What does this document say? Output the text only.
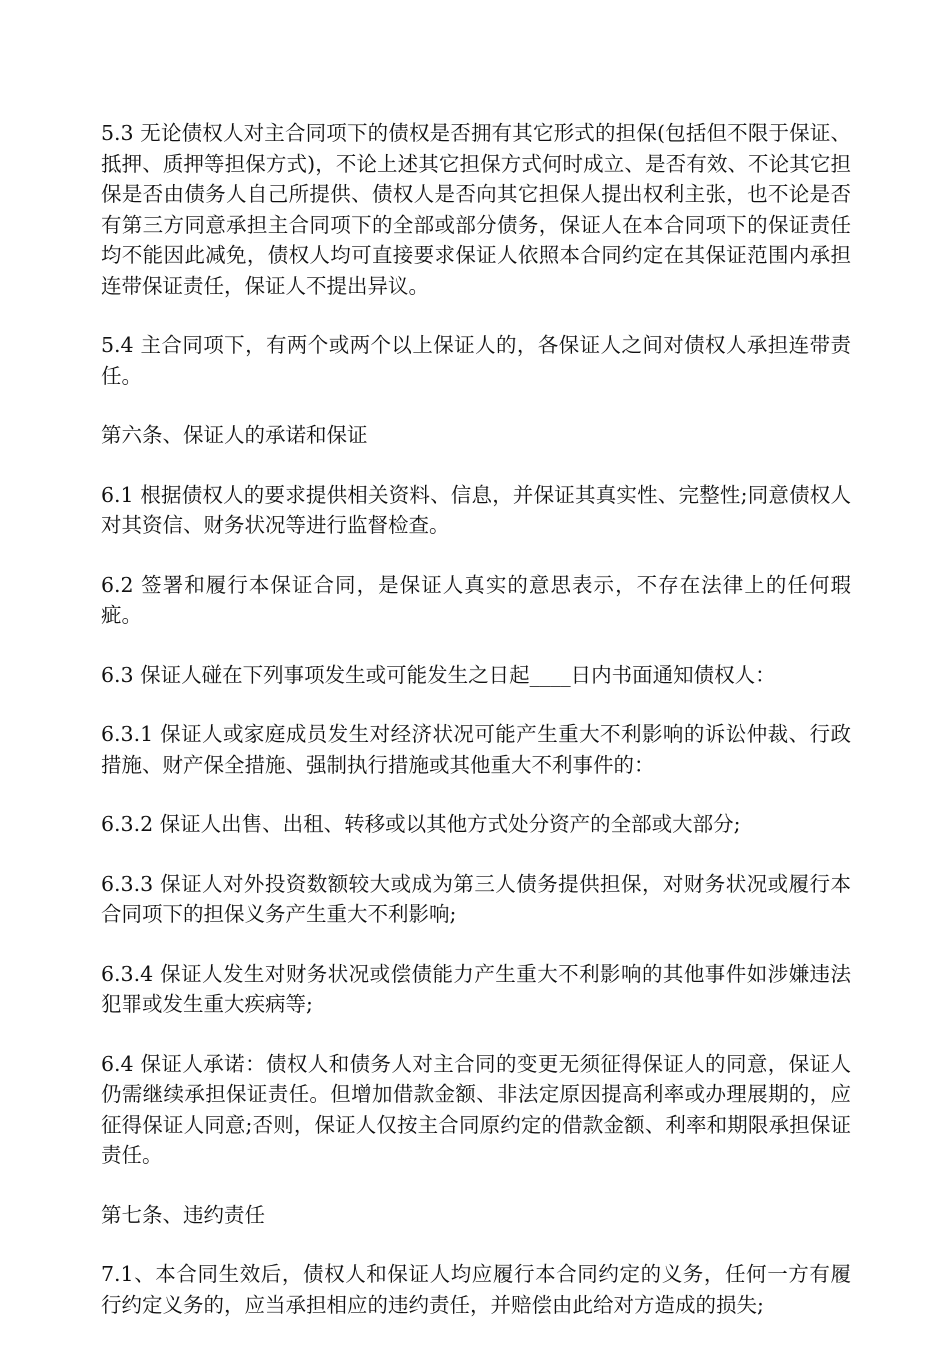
5.3 无论债权人对主合同项下的债权是否拥有其它形式的担保(包括但不限于保证、抵押、质押等担保方式)，不论上述其它担保方式何时成立、是否有效、不论其它担保是否由债务人自己所提供、债权人是否向其它担保人提出权利主张，也不论是否有第三方同意承担主合同项下的全部或部分债务，保证人在本合同项下的保证责任均不能因此减免，债权人均可直接要求保证人依照本合同约定在其保证范围内承担连带保证责任，保证人不提出异议。

5.4 主合同项下，有两个或两个以上保证人的，各保证人之间对债权人承担连带责任。

第六条、保证人的承诺和保证

6.1 根据债权人的要求提供相关资料、信息，并保证其真实性、完整性;同意债权人对其资信、财务状况等进行监督检查。

6.2 签署和履行本保证合同，是保证人真实的意思表示，不存在法律上的任何瑕疵。

6.3 保证人碰在下列事项发生或可能发生之日起____日内书面通知债权人：

6.3.1 保证人或家庭成员发生对经济状况可能产生重大不利影响的诉讼仲裁、行政措施、财产保全措施、强制执行措施或其他重大不利事件的：

6.3.2 保证人出售、出租、转移或以其他方式处分资产的全部或大部分;

6.3.3 保证人对外投资数额较大或成为第三人债务提供担保，对财务状况或履行本合同项下的担保义务产生重大不利影响;

6.3.4 保证人发生对财务状况或偿债能力产生重大不利影响的其他事件如涉嫌违法犯罪或发生重大疾病等;

6.4 保证人承诺：债权人和债务人对主合同的变更无须征得保证人的同意，保证人仍需继续承担保证责任。但增加借款金额、非法定原因提高利率或办理展期的，应征得保证人同意;否则，保证人仅按主合同原约定的借款金额、利率和期限承担保证责任。

第七条、违约责任

7.1、本合同生效后，债权人和保证人均应履行本合同约定的义务，任何一方有履行约定义务的，应当承担相应的违约责任，并赔偿由此给对方造成的损失;
